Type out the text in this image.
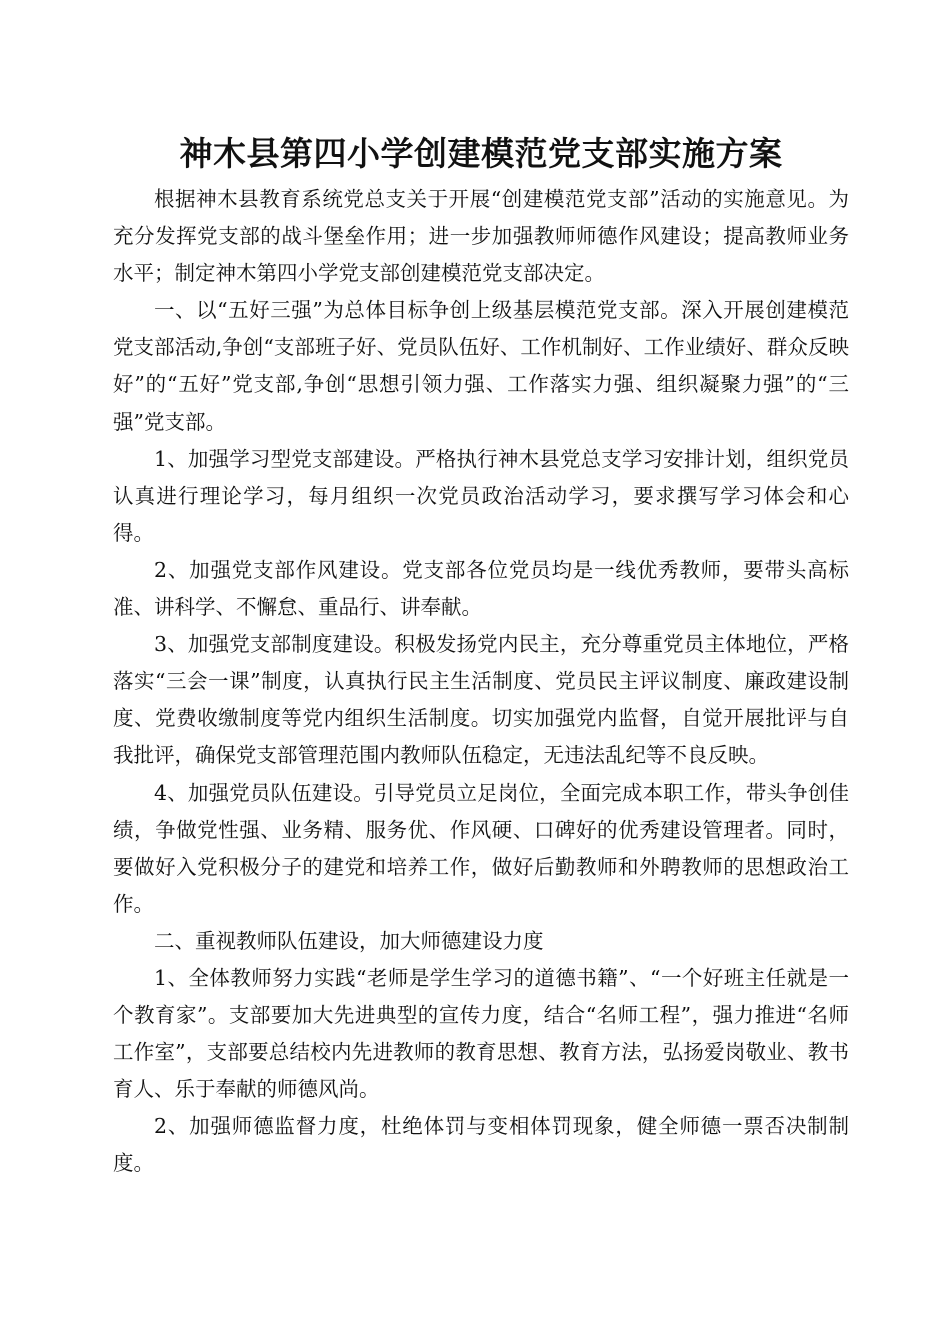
神木县第四小学创建模范党支部实施方案

根据神木县教育系统党总支关于开展“创建模范党支部”活动的实施意见。为充分发挥党支部的战斗堡垒作用；进一步加强教师师德作风建设；提高教师业务水平；制定神木第四小学党支部创建模范党支部决定。

一、以“五好三强”为总体目标争创上级基层模范党支部。深入开展创建模范党支部活动,争创“支部班子好、党员队伍好、工作机制好、工作业绩好、群众反映好”的“五好”党支部,争创“思想引领力强、工作落实力强、组织凝聚力强”的“三强”党支部。

1、加强学习型党支部建设。严格执行神木县党总支学习安排计划，组织党员认真进行理论学习，每月组织一次党员政治活动学习，要求撰写学习体会和心得。

2、加强党支部作风建设。党支部各位党员均是一线优秀教师，要带头高标准、讲科学、不懈怠、重品行、讲奉献。

3、加强党支部制度建设。积极发扬党内民主，充分尊重党员主体地位，严格落实“三会一课”制度，认真执行民主生活制度、党员民主评议制度、廉政建设制度、党费收缴制度等党内组织生活制度。切实加强党内监督，自觉开展批评与自我批评，确保党支部管理范围内教师队伍稳定，无违法乱纪等不良反映。

4、加强党员队伍建设。引导党员立足岗位，全面完成本职工作，带头争创佳绩，争做党性强、业务精、服务优、作风硬、口碑好的优秀建设管理者。同时，要做好入党积极分子的建党和培养工作，做好后勤教师和外聘教师的思想政治工作。

二、重视教师队伍建设，加大师德建设力度

1、全体教师努力实践“老师是学生学习的道德书籍”、“一个好班主任就是一个教育家”。支部要加大先进典型的宣传力度，结合“名师工程”，强力推进“名师工作室”，支部要总结校内先进教师的教育思想、教育方法，弘扬爱岗敬业、教书育人、乐于奉献的师德风尚。

2、加强师德监督力度，杜绝体罚与变相体罚现象，健全师德一票否决制制度。
